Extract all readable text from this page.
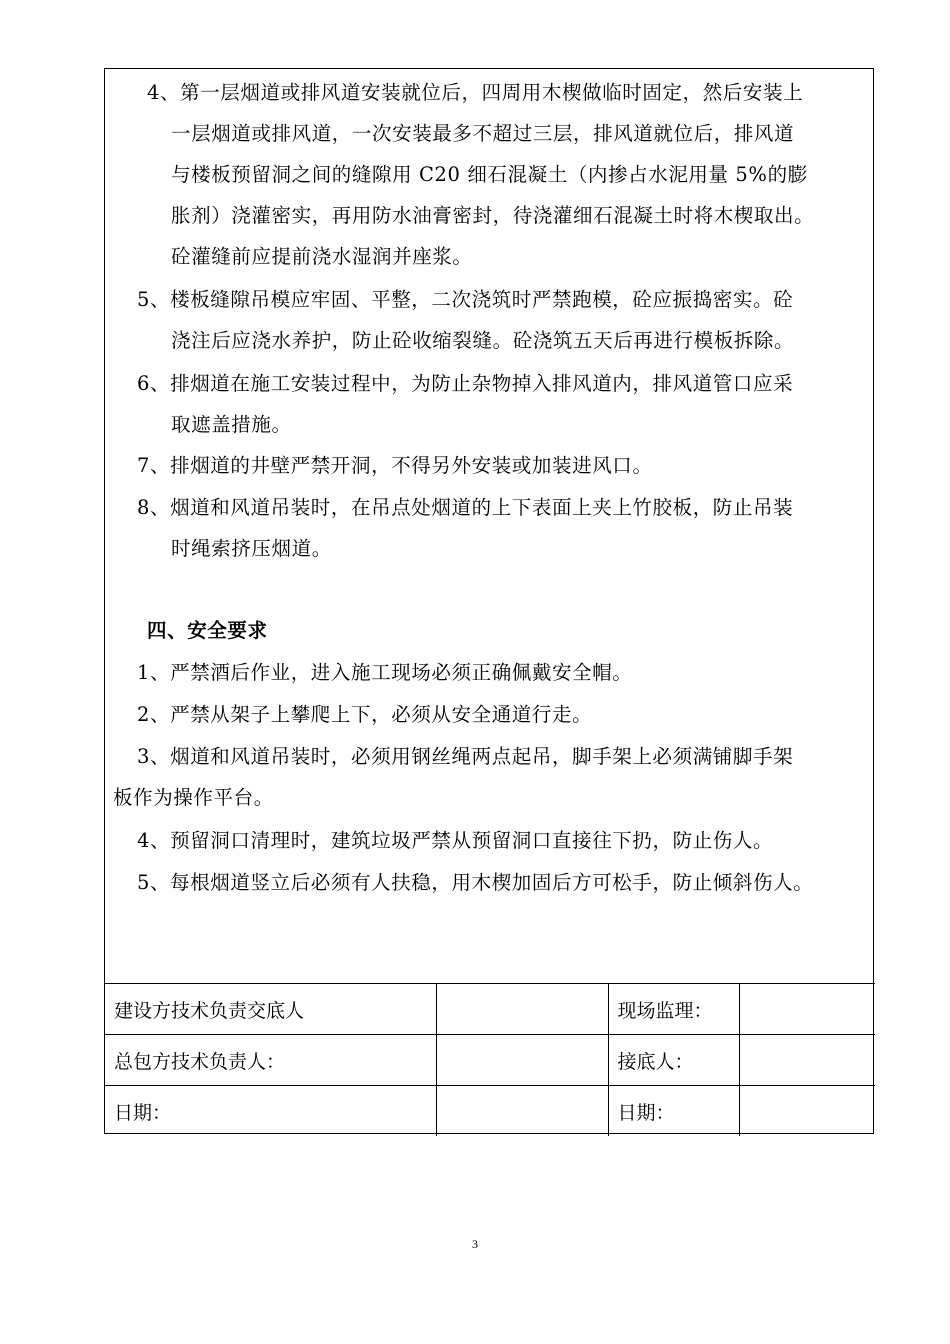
4、第一层烟道或排风道安装就位后，四周用木楔做临时固定，然后安装上
一层烟道或排风道，一次安装最多不超过三层，排风道就位后，排风道
与楼板预留洞之间的缝隙用 C20 细石混凝土（内掺占水泥用量 5%的膨
胀剂）浇灌密实，再用防水油膏密封，待浇灌细石混凝土时将木楔取出。
砼灌缝前应提前浇水湿润并座浆。
5、楼板缝隙吊模应牢固、平整，二次浇筑时严禁跑模，砼应振捣密实。砼
浇注后应浇水养护，防止砼收缩裂缝。砼浇筑五天后再进行模板拆除。
6、排烟道在施工安装过程中，为防止杂物掉入排风道内，排风道管口应采
取遮盖措施。
7、排烟道的井壁严禁开洞，不得另外安装或加装进风口。
8、烟道和风道吊装时，在吊点处烟道的上下表面上夹上竹胶板，防止吊装
时绳索挤压烟道。
四、安全要求
1、严禁酒后作业，进入施工现场必须正确佩戴安全帽。
2、严禁从架子上攀爬上下，必须从安全通道行走。
3、烟道和风道吊装时，必须用钢丝绳两点起吊，脚手架上必须满铺脚手架
板作为操作平台。
4、预留洞口清理时，建筑垃圾严禁从预留洞口直接往下扔，防止伤人。
5、每根烟道竖立后必须有人扶稳，用木楔加固后方可松手，防止倾斜伤人。
建设方技术负责交底人		现场监理：	
总包方技术负责人：		接底人：	
日期：		日期：	
3
